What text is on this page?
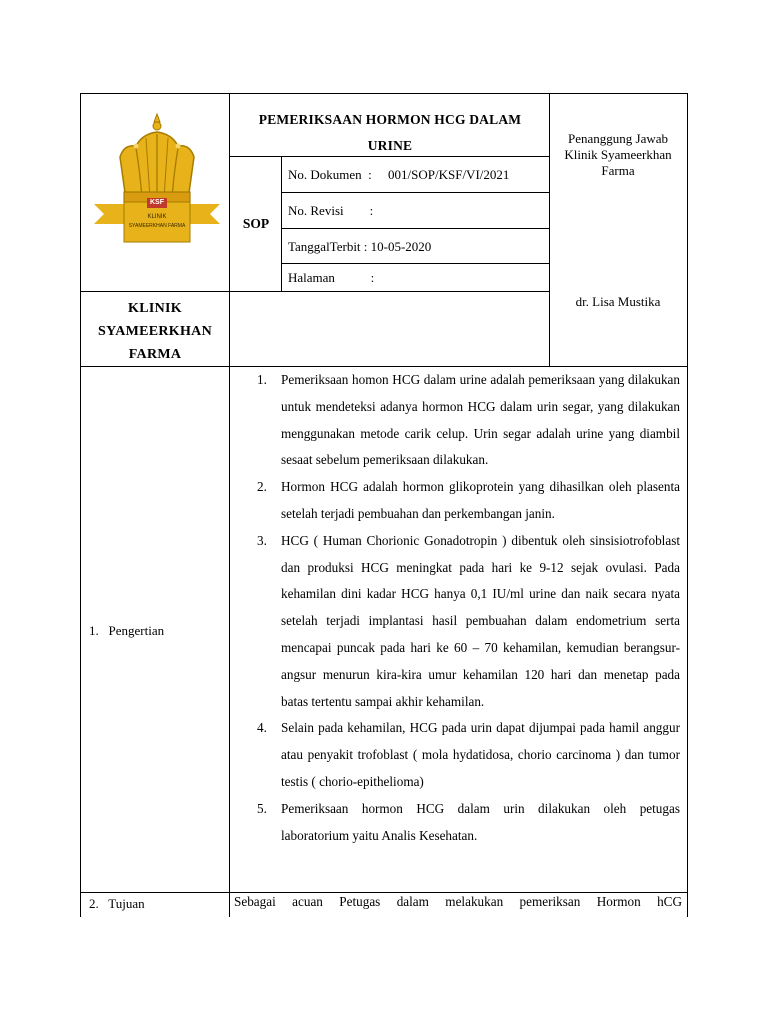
KSF
KLINIK
SYAMEERKHAN FARMA
PEMERIKSAAN HORMON HCG DALAM
URINE
SOP
No. Dokumen  :     001/SOP/KSF/VI/2021
No. Revisi        :
TanggalTerbit : 10-05-2020
Halaman           :
Penanggung Jawab
Klinik Syameerkhan
Farma
dr. Lisa Mustika
KLINIK
SYAMEERKHAN
FARMA
1.   Pengertian
2.   Tujuan
1. Pemeriksaan homon HCG dalam urine adalah pemeriksaan yang dilakukan untuk mendeteksi adanya hormon HCG dalam urin segar, yang dilakukan menggunakan metode carik celup. Urin segar adalah urine yang diambil sesaat sebelum pemeriksaan dilakukan.
2. Hormon HCG adalah hormon glikoprotein yang dihasilkan oleh plasenta setelah terjadi pembuahan dan perkembangan janin.
3. HCG ( Human Chorionic Gonadotropin ) dibentuk oleh sinsisiotrofoblast dan produksi HCG meningkat pada hari ke 9-12 sejak ovulasi. Pada kehamilan dini kadar HCG hanya 0,1 IU/ml urine dan naik secara nyata setelah terjadi implantasi hasil pembuahan dalam endometrium serta mencapai puncak pada hari ke 60 – 70 kehamilan, kemudian berangsur-angsur menurun kira-kira umur kehamilan 120 hari dan menetap pada batas tertentu sampai akhir kehamilan.
4. Selain pada kehamilan, HCG pada urin dapat dijumpai pada hamil anggur atau penyakit trofoblast ( mola hydatidosa, chorio carcinoma ) dan tumor testis ( chorio-epithelioma)
5. Pemeriksaan hormon HCG dalam urin dilakukan oleh petugas laboratorium yaitu Analis Kesehatan.
Sebagai acuan Petugas dalam melakukan pemeriksan Hormon hCG
